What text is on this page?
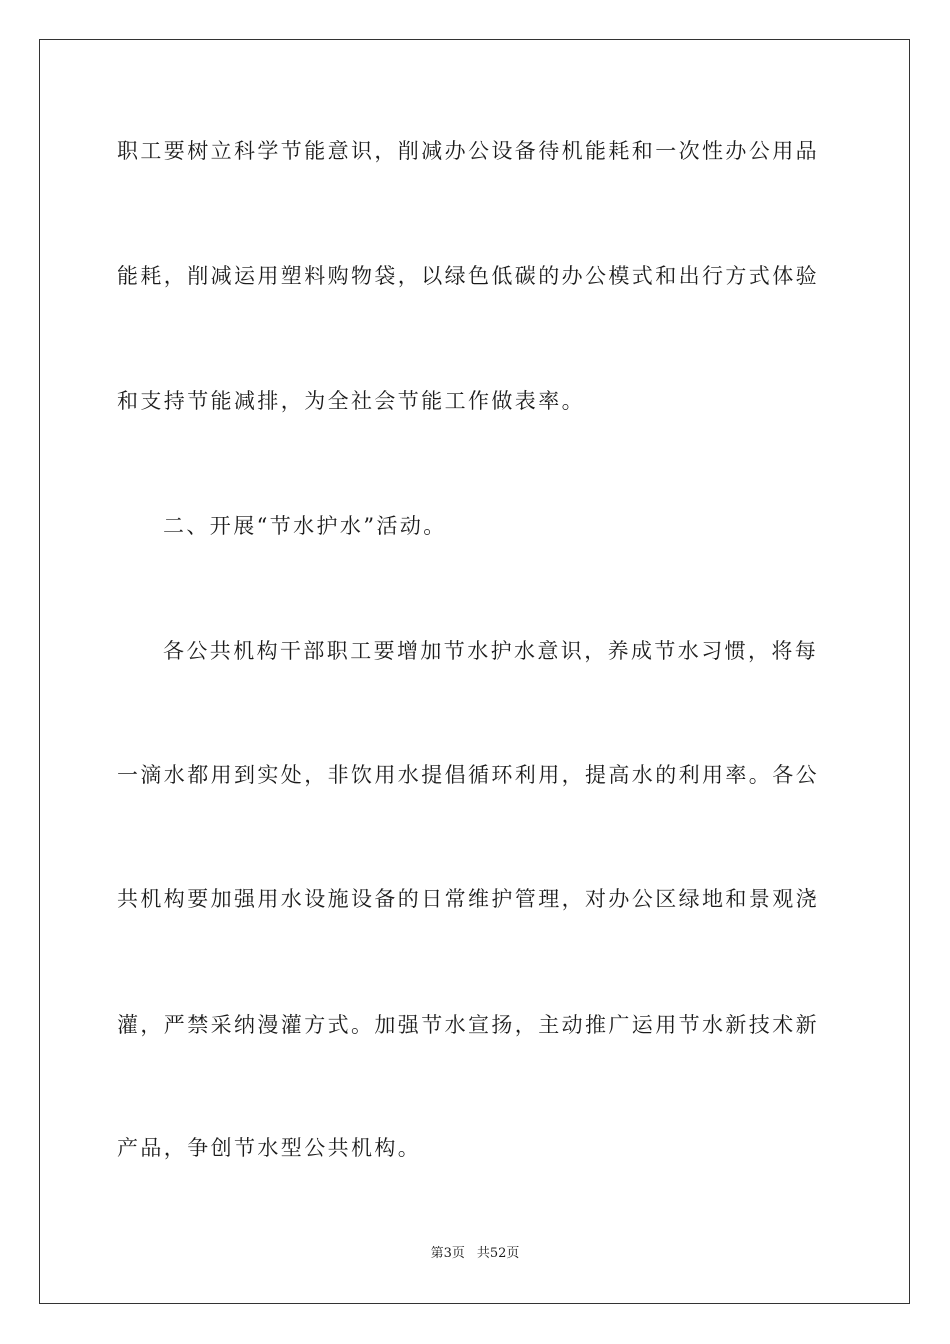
职工要树立科学节能意识，削减办公设备待机能耗和一次性办公用品
能耗，削减运用塑料购物袋，以绿色低碳的办公模式和出行方式体验
和支持节能减排，为全社会节能工作做表率。
二、开展“节水护水”活动。
各公共机构干部职工要增加节水护水意识，养成节水习惯，将每
一滴水都用到实处，非饮用水提倡循环利用，提高水的利用率。各公
共机构要加强用水设施设备的日常维护管理，对办公区绿地和景观浇
灌，严禁采纳漫灌方式。加强节水宣扬，主动推广运用节水新技术新
产品，争创节水型公共机构。
第3页 共52页
